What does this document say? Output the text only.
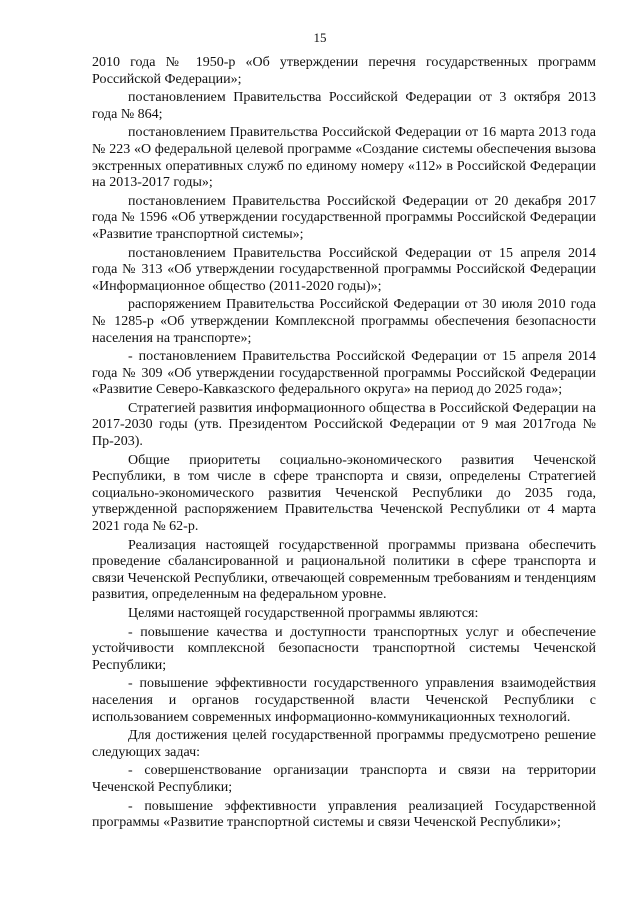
15

2010 года № 1950-р «Об утверждении перечня государственных программ Российской Федерации»;

постановлением Правительства Российской Федерации от 3 октября 2013 года № 864;

постановлением Правительства Российской Федерации от 16 марта 2013 года № 223 «О федеральной целевой программе «Создание системы обеспечения вызова экстренных оперативных служб по единому номеру «112» в Российской Федерации на 2013-2017 годы»;

постановлением Правительства Российской Федерации от 20 декабря 2017 года № 1596 «Об утверждении государственной программы Российской Федерации «Развитие транспортной системы»;

постановлением Правительства Российской Федерации от 15 апреля 2014 года № 313 «Об утверждении государственной программы Российской Федерации «Информационное общество (2011-2020 годы)»;

распоряжением Правительства Российской Федерации от 30 июля 2010 года № 1285-р «Об утверждении Комплексной программы обеспечения безопасности населения на транспорте»;

- постановлением Правительства Российской Федерации от 15 апреля 2014 года № 309 «Об утверждении государственной программы Российской Федерации «Развитие Северо-Кавказского федерального округа» на период до 2025 года»;

Стратегией развития информационного общества в Российской Федерации на 2017-2030 годы (утв. Президентом Российской Федерации от 9 мая 2017года № Пр-203).

Общие приоритеты социально-экономического развития Чеченской Республики, в том числе в сфере транспорта и связи, определены Стратегией социально-экономического развития Чеченской Республики до 2035 года, утвержденной распоряжением Правительства Чеченской Республики от 4 марта 2021 года № 62-р.

Реализация настоящей государственной программы призвана обеспечить проведение сбалансированной и рациональной политики в сфере транспорта и связи Чеченской Республики, отвечающей современным требованиям и тенденциям развития, определенным на федеральном уровне.

Целями настоящей государственной программы являются:

- повышение качества и доступности транспортных услуг и обеспечение устойчивости комплексной безопасности транспортной системы Чеченской Республики;

- повышение эффективности государственного управления взаимодействия населения и органов государственной власти Чеченской Республики с использованием современных информационно-коммуникационных технологий.

Для достижения целей государственной программы предусмотрено решение следующих задач:

- совершенствование организации транспорта и связи на территории Чеченской Республики;

- повышение эффективности управления реализацией Государственной программы «Развитие транспортной системы и связи Чеченской Республики»;
